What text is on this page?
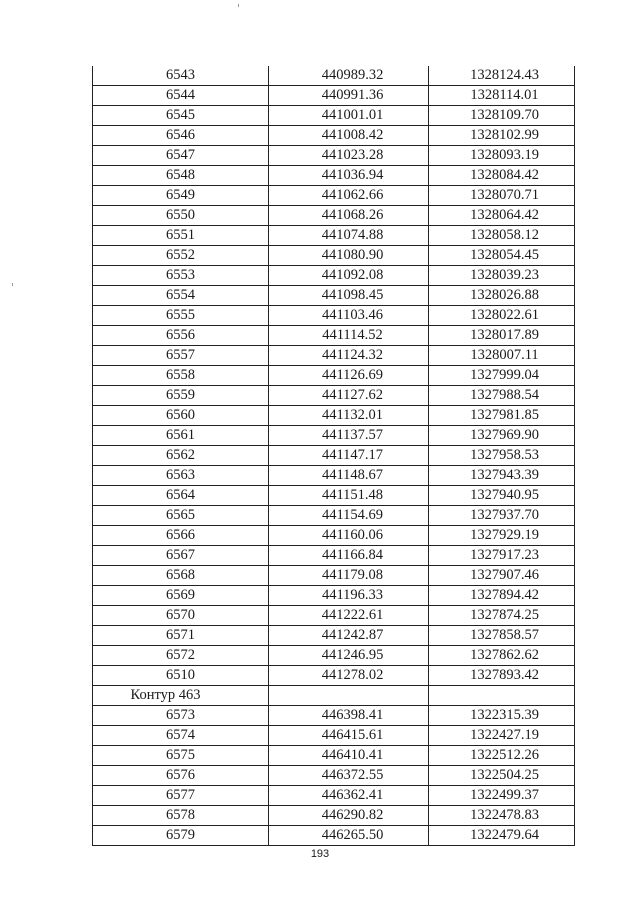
6543	440989.32	1328124.43
6544	440991.36	1328114.01
6545	441001.01	1328109.70
6546	441008.42	1328102.99
6547	441023.28	1328093.19
6548	441036.94	1328084.42
6549	441062.66	1328070.71
6550	441068.26	1328064.42
6551	441074.88	1328058.12
6552	441080.90	1328054.45
6553	441092.08	1328039.23
6554	441098.45	1328026.88
6555	441103.46	1328022.61
6556	441114.52	1328017.89
6557	441124.32	1328007.11
6558	441126.69	1327999.04
6559	441127.62	1327988.54
6560	441132.01	1327981.85
6561	441137.57	1327969.90
6562	441147.17	1327958.53
6563	441148.67	1327943.39
6564	441151.48	1327940.95
6565	441154.69	1327937.70
6566	441160.06	1327929.19
6567	441166.84	1327917.23
6568	441179.08	1327907.46
6569	441196.33	1327894.42
6570	441222.61	1327874.25
6571	441242.87	1327858.57
6572	441246.95	1327862.62
6510	441278.02	1327893.42
Контур 463		
6573	446398.41	1322315.39
6574	446415.61	1322427.19
6575	446410.41	1322512.26
6576	446372.55	1322504.25
6577	446362.41	1322499.37
6578	446290.82	1322478.83
6579	446265.50	1322479.64
193
